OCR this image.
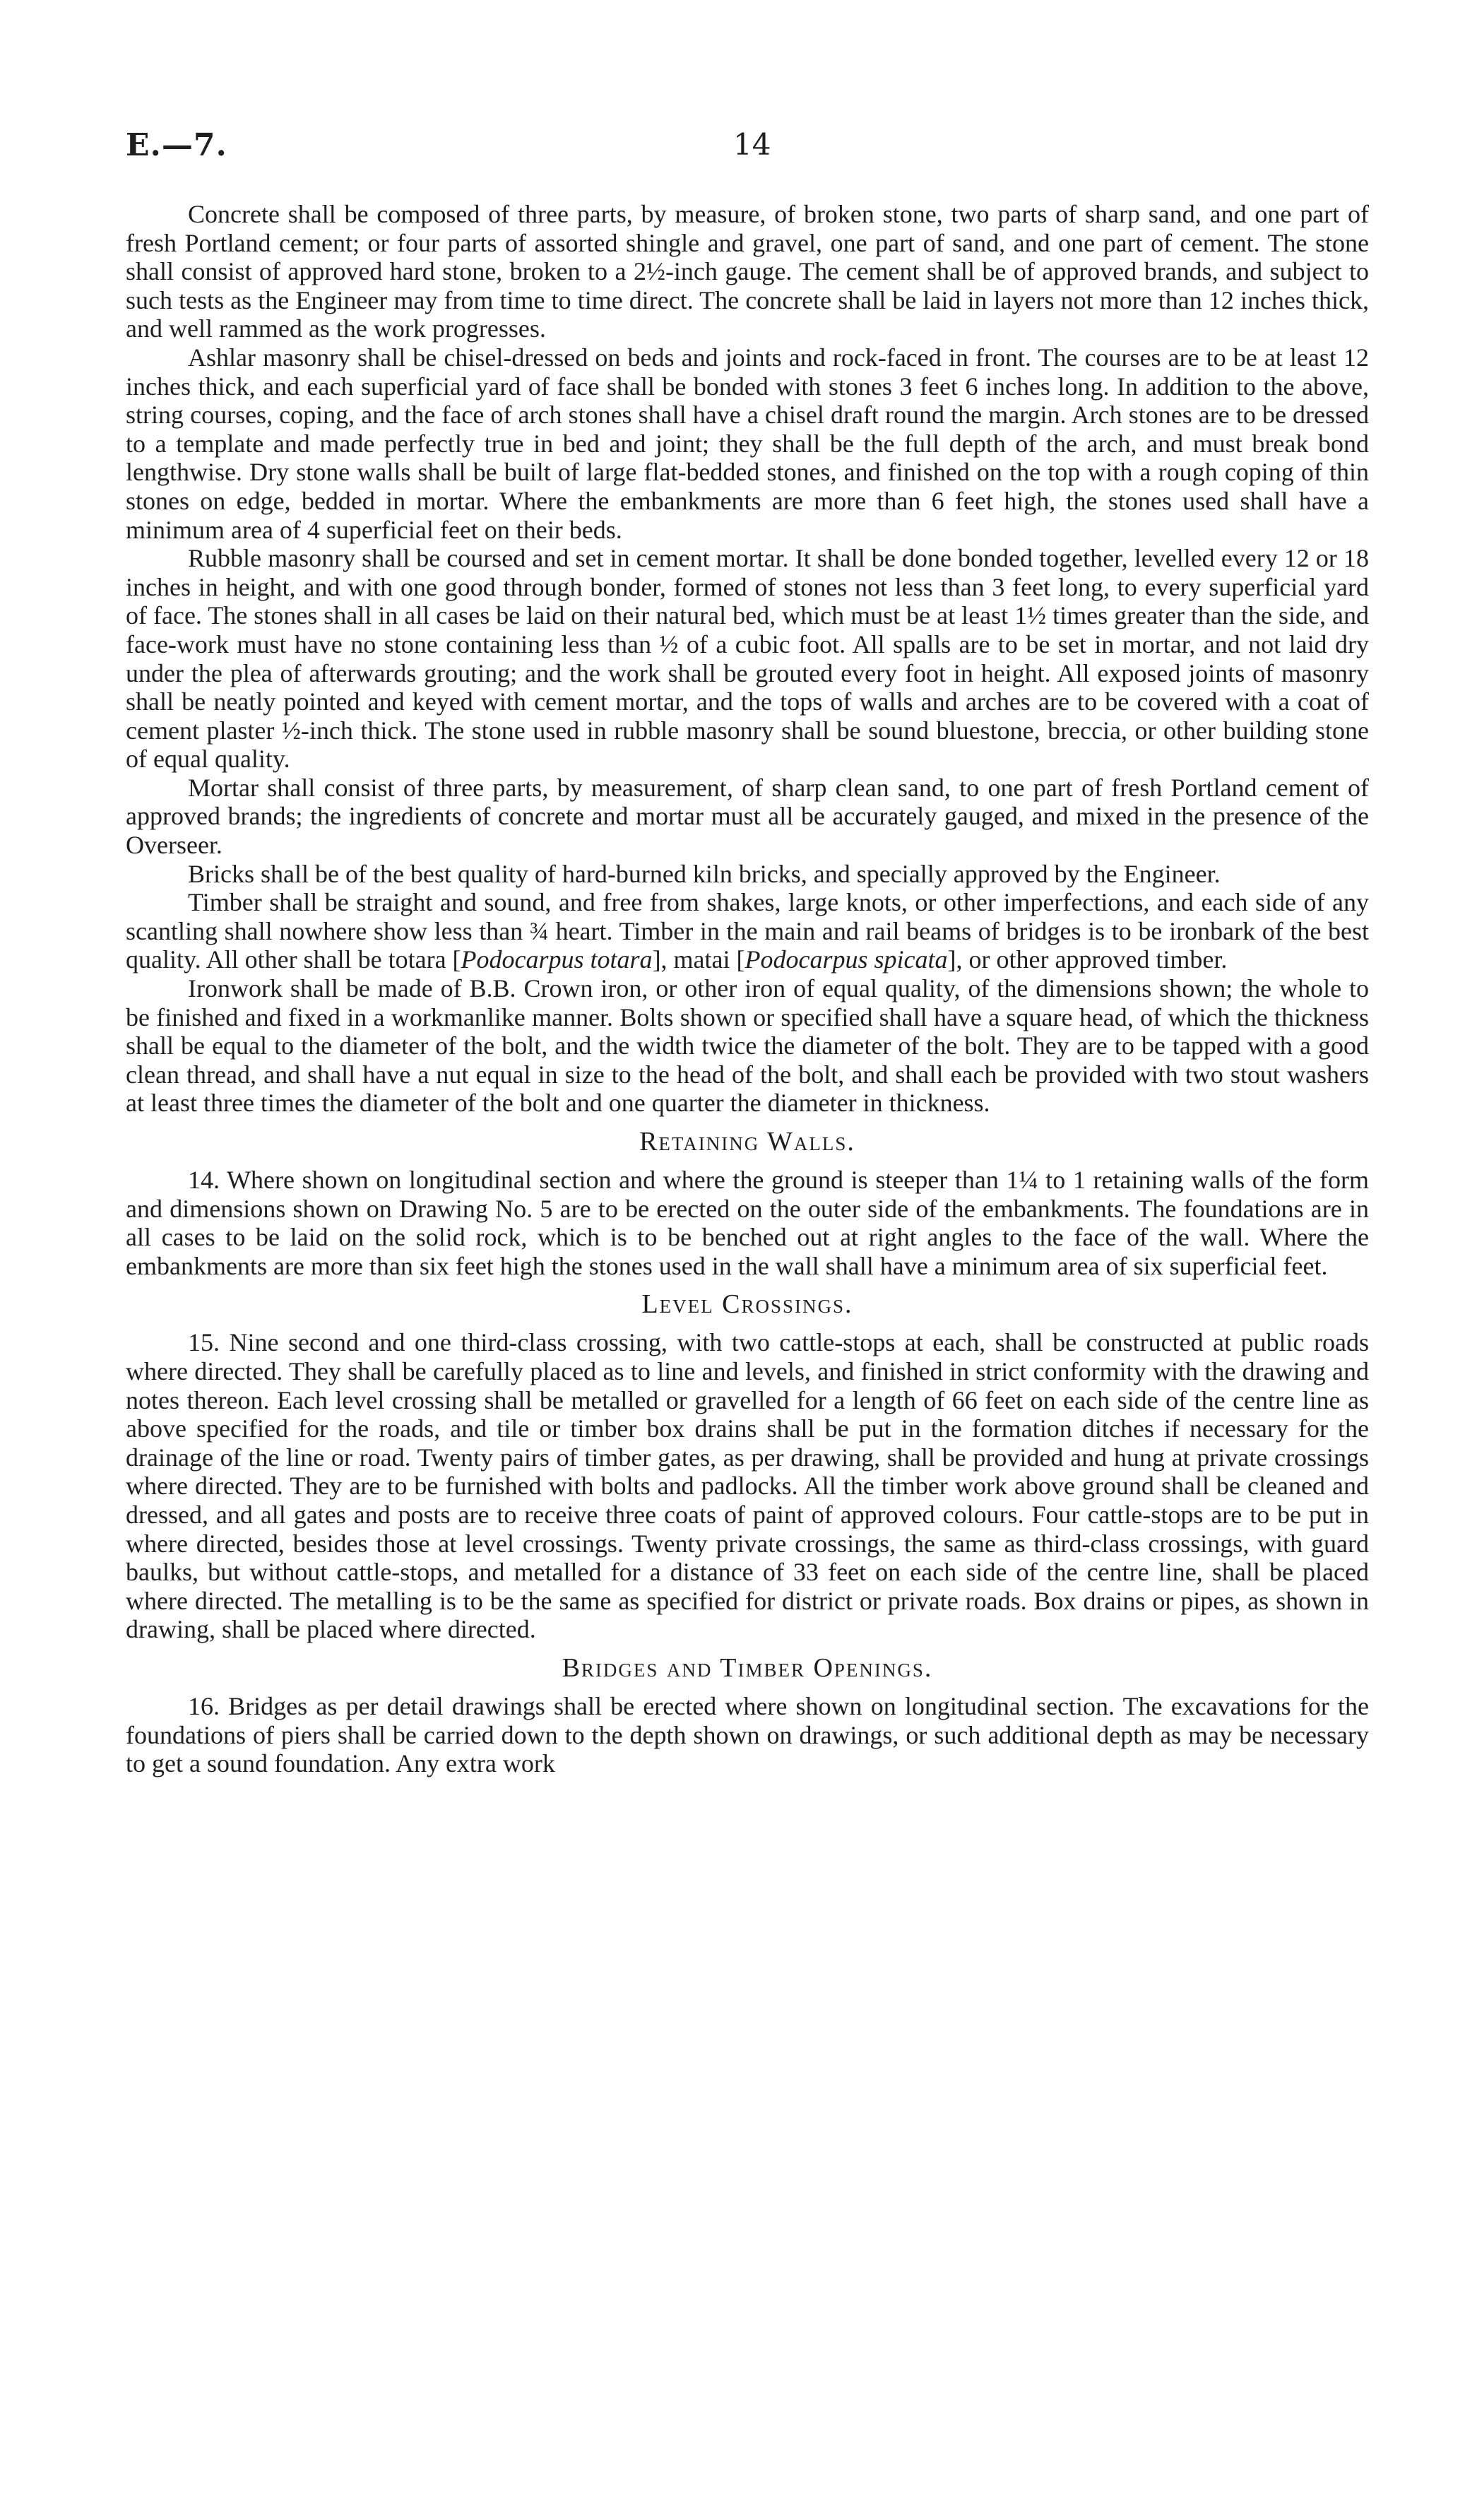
E.—7.	14

Concrete shall be composed of three parts, by measure, of broken stone, two parts of sharp sand, and one part of fresh Portland cement; or four parts of assorted shingle and gravel, one part of sand, and one part of cement. The stone shall consist of approved hard stone, broken to a 2½-inch gauge. The cement shall be of approved brands, and subject to such tests as the Engineer may from time to time direct. The concrete shall be laid in layers not more than 12 inches thick, and well rammed as the work progresses.

Ashlar masonry shall be chisel-dressed on beds and joints and rock-faced in front. The courses are to be at least 12 inches thick, and each superficial yard of face shall be bonded with stones 3 feet 6 inches long. In addition to the above, string courses, coping, and the face of arch stones shall have a chisel draft round the margin. Arch stones are to be dressed to a template and made perfectly true in bed and joint; they shall be the full depth of the arch, and must break bond lengthwise. Dry stone walls shall be built of large flat-bedded stones, and finished on the top with a rough coping of thin stones on edge, bedded in mortar. Where the embankments are more than 6 feet high, the stones used shall have a minimum area of 4 superficial feet on their beds.

Rubble masonry shall be coursed and set in cement mortar. It shall be done bonded together, levelled every 12 or 18 inches in height, and with one good through bonder, formed of stones not less than 3 feet long, to every superficial yard of face. The stones shall in all cases be laid on their natural bed, which must be at least 1½ times greater than the side, and face-work must have no stone containing less than ½ of a cubic foot. All spalls are to be set in mortar, and not laid dry under the plea of afterwards grouting; and the work shall be grouted every foot in height. All exposed joints of masonry shall be neatly pointed and keyed with cement mortar, and the tops of walls and arches are to be covered with a coat of cement plaster ½-inch thick. The stone used in rubble masonry shall be sound bluestone, breccia, or other building stone of equal quality.

Mortar shall consist of three parts, by measurement, of sharp clean sand, to one part of fresh Portland cement of approved brands; the ingredients of concrete and mortar must all be accurately gauged, and mixed in the presence of the Overseer.

Bricks shall be of the best quality of hard-burned kiln bricks, and specially approved by the Engineer.

Timber shall be straight and sound, and free from shakes, large knots, or other imperfections, and each side of any scantling shall nowhere show less than ¾ heart. Timber in the main and rail beams of bridges is to be ironbark of the best quality. All other shall be totara [Podocarpus totara], matai [Podocarpus spicata], or other approved timber.

Ironwork shall be made of B.B. Crown iron, or other iron of equal quality, of the dimensions shown; the whole to be finished and fixed in a workmanlike manner. Bolts shown or specified shall have a square head, of which the thickness shall be equal to the diameter of the bolt, and the width twice the diameter of the bolt. They are to be tapped with a good clean thread, and shall have a nut equal in size to the head of the bolt, and shall each be provided with two stout washers at least three times the diameter of the bolt and one quarter the diameter in thickness.

Retaining Walls.

14. Where shown on longitudinal section and where the ground is steeper than 1¼ to 1 retaining walls of the form and dimensions shown on Drawing No. 5 are to be erected on the outer side of the embankments. The foundations are in all cases to be laid on the solid rock, which is to be benched out at right angles to the face of the wall. Where the embankments are more than six feet high the stones used in the wall shall have a minimum area of six superficial feet.

Level Crossings.

15. Nine second and one third-class crossing, with two cattle-stops at each, shall be constructed at public roads where directed. They shall be carefully placed as to line and levels, and finished in strict conformity with the drawing and notes thereon. Each level crossing shall be metalled or gravelled for a length of 66 feet on each side of the centre line as above specified for the roads, and tile or timber box drains shall be put in the formation ditches if necessary for the drainage of the line or road. Twenty pairs of timber gates, as per drawing, shall be provided and hung at private crossings where directed. They are to be furnished with bolts and padlocks. All the timber work above ground shall be cleaned and dressed, and all gates and posts are to receive three coats of paint of approved colours. Four cattle-stops are to be put in where directed, besides those at level crossings. Twenty private crossings, the same as third-class crossings, with guard baulks, but without cattle-stops, and metalled for a distance of 33 feet on each side of the centre line, shall be placed where directed. The metalling is to be the same as specified for district or private roads. Box drains or pipes, as shown in drawing, shall be placed where directed.

Bridges and Timber Openings.

16. Bridges as per detail drawings shall be erected where shown on longitudinal section. The excavations for the foundations of piers shall be carried down to the depth shown on drawings, or such additional depth as may be necessary to get a sound foundation. Any extra work
